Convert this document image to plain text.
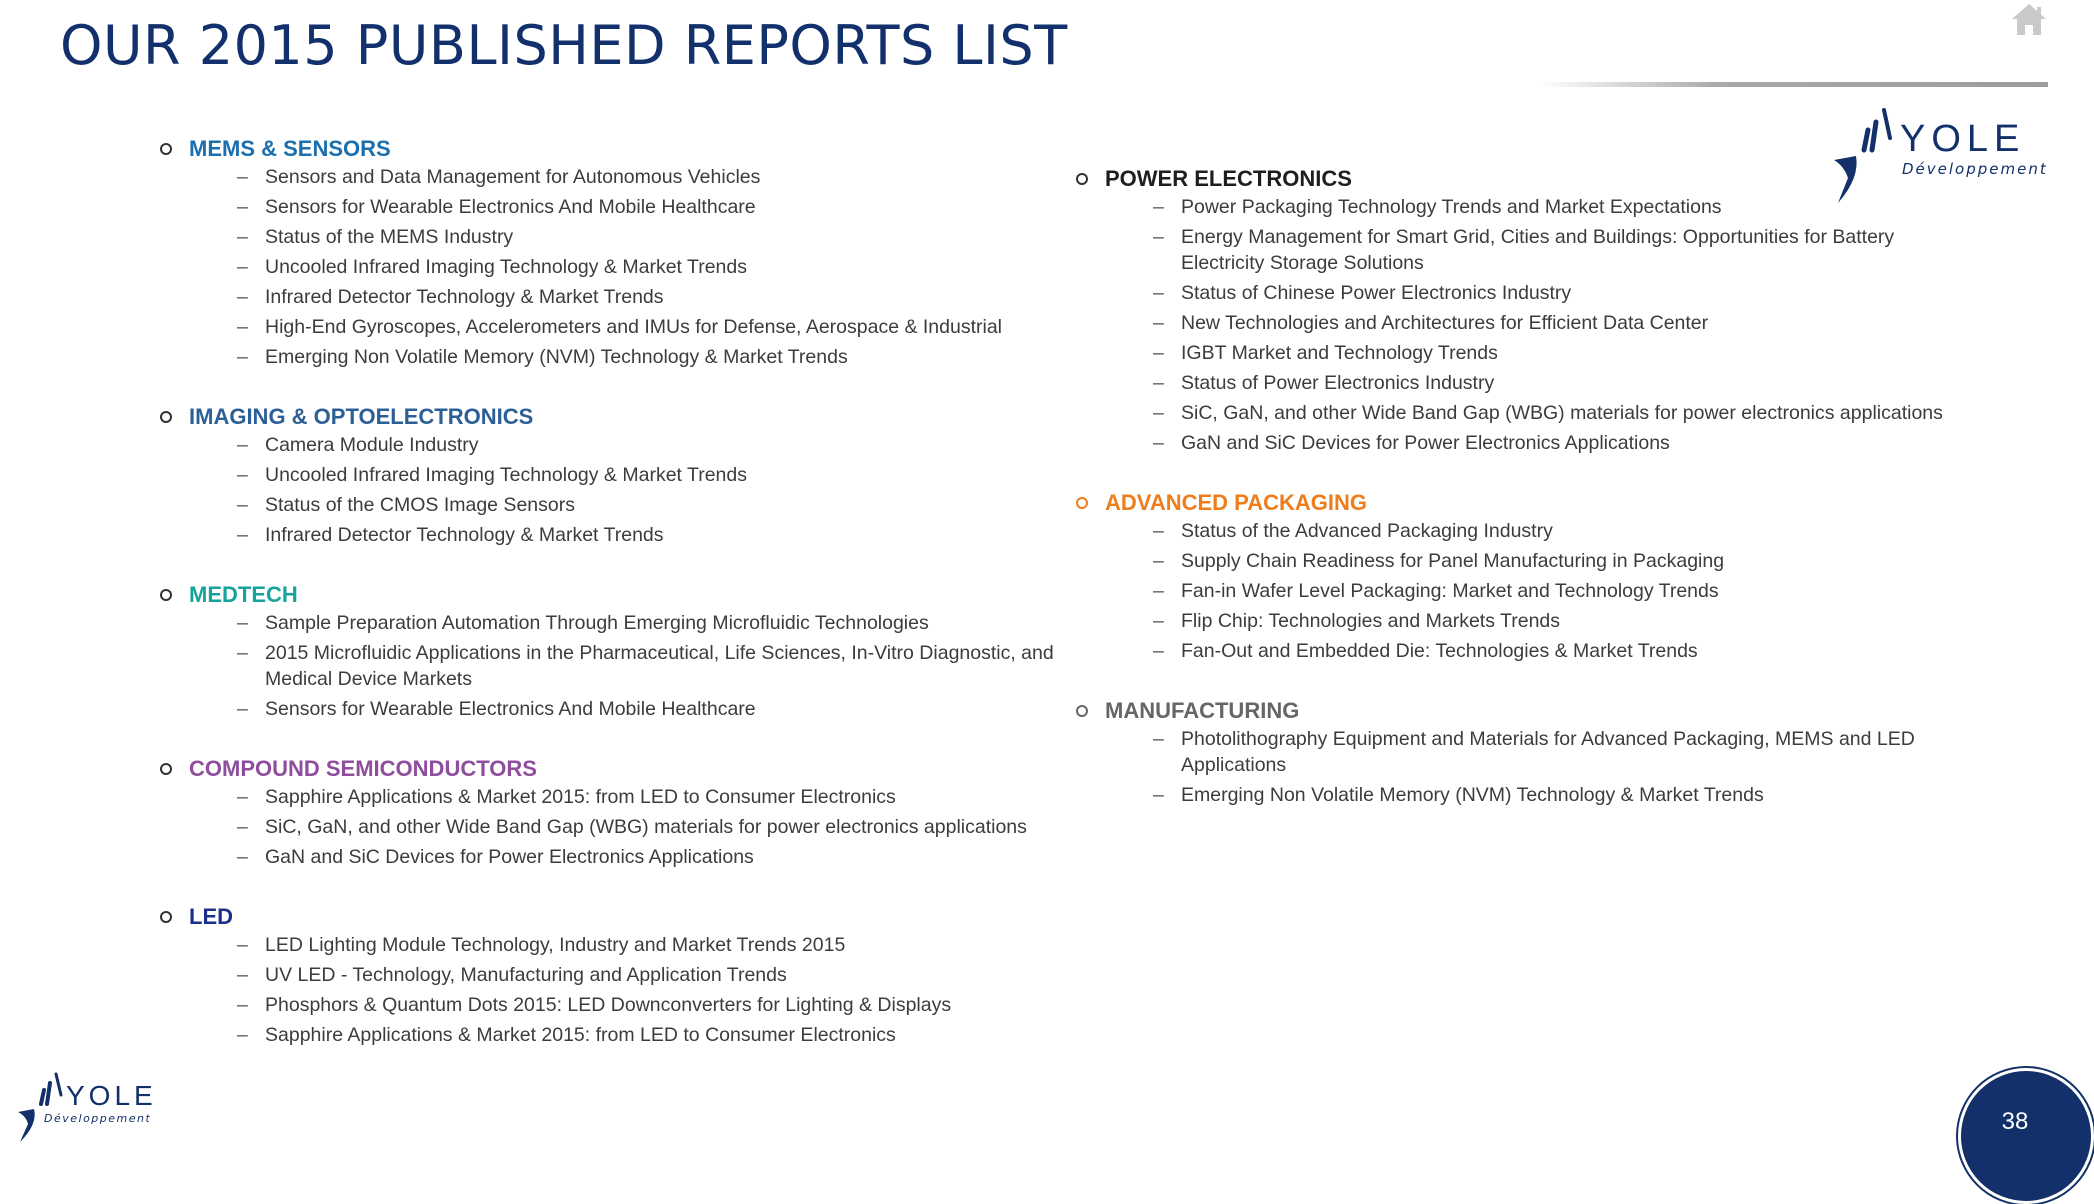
OUR 2015 PUBLISHED REPORTS LIST
YOLE
Développement
MEMS & SENSORS
– Sensors and Data Management for Autonomous Vehicles
– Sensors for Wearable Electronics And Mobile Healthcare
– Status of the MEMS Industry
– Uncooled Infrared Imaging Technology & Market Trends
– Infrared Detector Technology & Market Trends
– High-End Gyroscopes, Accelerometers and IMUs for Defense, Aerospace & Industrial
– Emerging Non Volatile Memory (NVM) Technology & Market Trends
IMAGING & OPTOELECTRONICS
– Camera Module Industry
– Uncooled Infrared Imaging Technology & Market Trends
– Status of the CMOS Image Sensors
– Infrared Detector Technology & Market Trends
MEDTECH
– Sample Preparation Automation Through Emerging Microfluidic Technologies
– 2015 Microfluidic Applications in the Pharmaceutical, Life Sciences, In-Vitro Diagnostic, and Medical Device Markets
– Sensors for Wearable Electronics And Mobile Healthcare
COMPOUND SEMICONDUCTORS
– Sapphire Applications & Market 2015: from LED to Consumer Electronics
– SiC, GaN, and other Wide Band Gap (WBG) materials for power electronics applications
– GaN and SiC Devices for Power Electronics Applications
LED
– LED Lighting Module Technology, Industry and Market Trends 2015
– UV LED - Technology, Manufacturing and Application Trends
– Phosphors & Quantum Dots 2015: LED Downconverters for Lighting & Displays
– Sapphire Applications & Market 2015: from LED to Consumer Electronics
POWER ELECTRONICS
– Power Packaging Technology Trends and Market Expectations
– Energy Management for Smart Grid, Cities and Buildings: Opportunities for Battery Electricity Storage Solutions
– Status of Chinese Power Electronics Industry
– New Technologies and Architectures for Efficient Data Center
– IGBT Market and Technology Trends
– Status of Power Electronics Industry
– SiC, GaN, and other Wide Band Gap (WBG) materials for power electronics applications
– GaN and SiC Devices for Power Electronics Applications
ADVANCED PACKAGING
– Status of the Advanced Packaging Industry
– Supply Chain Readiness for Panel Manufacturing in Packaging
– Fan-in Wafer Level Packaging: Market and Technology Trends
– Flip Chip: Technologies and Markets Trends
– Fan-Out and Embedded Die: Technologies & Market Trends
MANUFACTURING
– Photolithography Equipment and Materials for Advanced Packaging, MEMS and LED Applications
– Emerging Non Volatile Memory (NVM) Technology & Market Trends
YOLE
Développement	38
